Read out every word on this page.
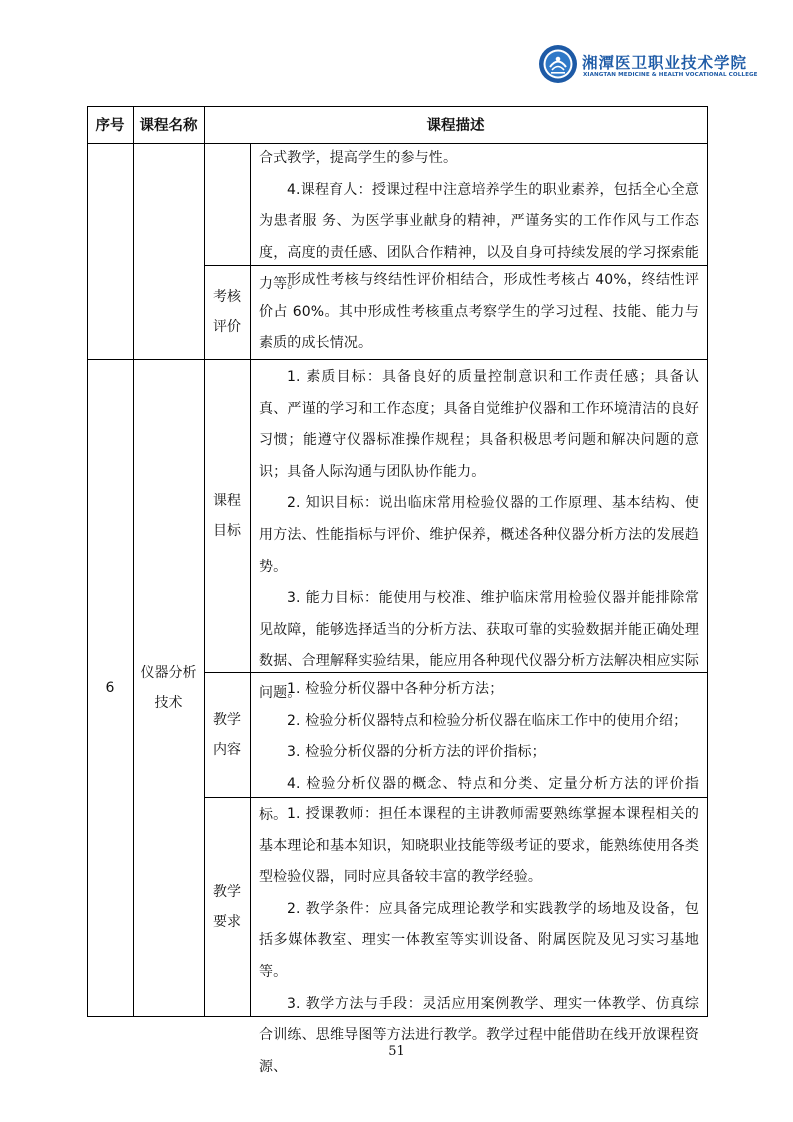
湘潭医卫职业技术学院
XIANGTAN MEDICINE & HEALTH VOCATIONAL COLLEGE
序号	课程名称	课程描述
合式教学，提高学生的参与性。
4.课程育人：授课过程中注意培养学生的职业素养，包括全心全意为患者服 务、为医学事业献身的精神，严谨务实的工作作风与工作态度，高度的责任感、团队合作精神，以及自身可持续发展的学习探索能力等。
考核
评价
形成性考核与终结性评价相结合，形成性考核占 40%，终结性评价占 60%。其中形成性考核重点考察学生的学习过程、技能、能力与素质的成长情况。
6
仪器分析
技术
课程
目标
1. 素质目标：具备良好的质量控制意识和工作责任感；具备认真、严谨的学习和工作态度；具备自觉维护仪器和工作环境清洁的良好习惯；能遵守仪器标准操作规程；具备积极思考问题和解决问题的意识；具备人际沟通与团队协作能力。
2. 知识目标：说出临床常用检验仪器的工作原理、基本结构、使用方法、性能指标与评价、维护保养，概述各种仪器分析方法的发展趋势。
3. 能力目标：能使用与校准、维护临床常用检验仪器并能排除常见故障，能够选择适当的分析方法、获取可靠的实验数据并能正确处理数据、合理解释实验结果，能应用各种现代仪器分析方法解决相应实际问题。
教学
内容
1. 检验分析仪器中各种分析方法；
2. 检验分析仪器特点和检验分析仪器在临床工作中的使用介绍；
3. 检验分析仪器的分析方法的评价指标；
4. 检验分析仪器的概念、特点和分类、定量分析方法的评价指标。
教学
要求
1. 授课教师：担任本课程的主讲教师需要熟练掌握本课程相关的基本理论和基本知识，知晓职业技能等级考证的要求，能熟练使用各类型检验仪器，同时应具备较丰富的教学经验。
2. 教学条件：应具备完成理论教学和实践教学的场地及设备，包括多媒体教室、理实一体教室等实训设备、附属医院及见习实习基地等。
3. 教学方法与手段：灵活应用案例教学、理实一体教学、仿真综合训练、思维导图等方法进行教学。教学过程中能借助在线开放课程资源、
51
